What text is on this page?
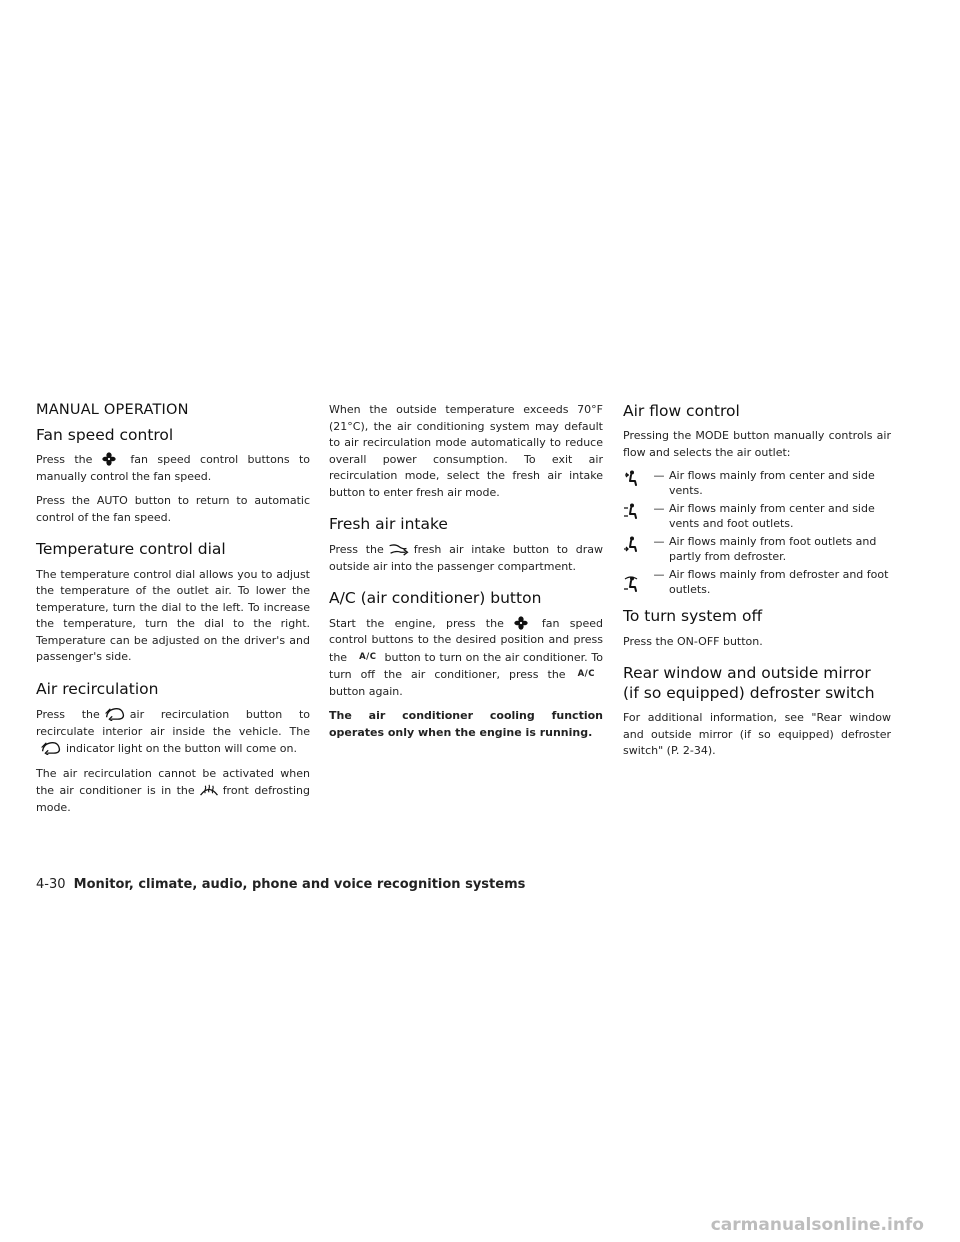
MANUAL OPERATION
Fan speed control

Press the	fan speed control buttons to manually control the fan speed.

Press the AUTO button to return to automatic control of the fan speed.

Temperature control dial

The temperature control dial allows you to adjust the temperature of the outlet air. To lower the temperature, turn the dial to the left. To increase the temperature, turn the dial to the right. Temperature can be adjusted on the driver's and passenger's side.

Air recirculation

Press the	air recirculation button to recirculate interior air inside the vehicle. Theindicator light on the button will come on.

The air recirculation cannot be activated when the air conditioner is in the	front defrosting mode.

When the outside temperature exceeds 70°F (21°C), the air conditioning system may default to air recirculation mode automatically to reduce overall power consumption. To exit air recirculation mode, select the fresh air intake button to enter fresh air mode.

Fresh air intake

Press the	fresh air intake button to draw outside air into the passenger compartment.

A/C (air conditioner) button

Start the engine, press the	fan speed control buttons to the desired position and press the A/C button to turn on the air conditioner. To turn off the air conditioner, press the A/Cbutton again.

The air conditioner cooling function operates only when the engine is running.

Air flow control

Pressing the MODE button manually controls air flow and selects the air outlet:

— Air flows mainly from center and side vents.
— Air flows mainly from center and side vents and foot outlets.
— Air flows mainly from foot outlets and partly from defroster.
— Air flows mainly from defroster and foot outlets.
To turn system off

Press the ON-OFF button.

Rear window and outside mirror
(if so equipped) defroster switch

For additional information, see "Rear window and outside mirror (if so equipped) defroster switch" (P. 2-34).

4-30 Monitor, climate, audio, phone and voice recognition systems
carmanualsonline.info
